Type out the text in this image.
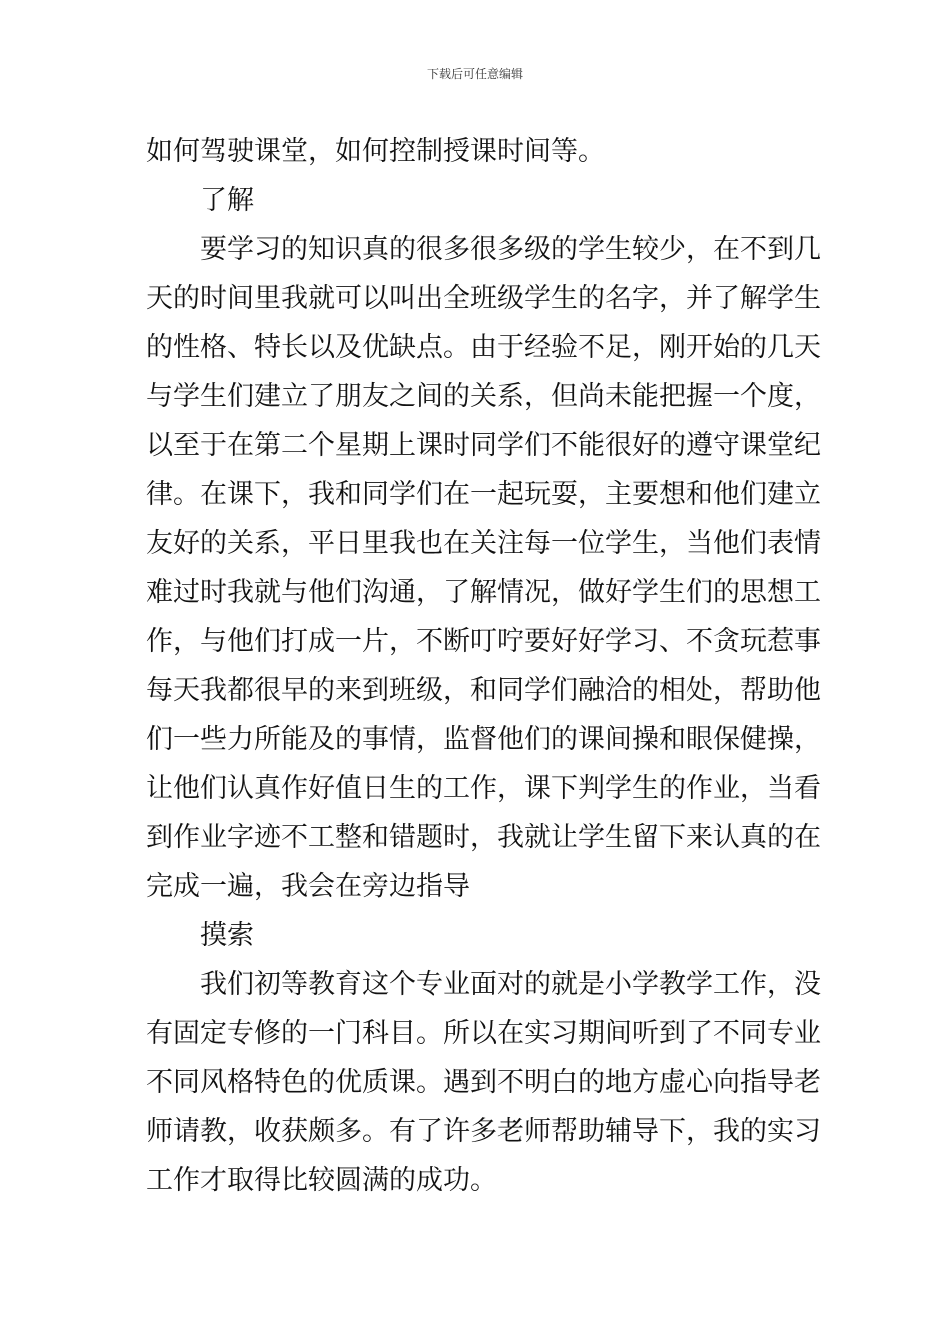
下载后可任意编辑
如何驾驶课堂，如何控制授课时间等。
了解
要学习的知识真的很多很多级的学生较少，在不到几
天的时间里我就可以叫出全班级学生的名字，并了解学生
的性格、特长以及优缺点。由于经验不足，刚开始的几天
与学生们建立了朋友之间的关系，但尚未能把握一个度，
以至于在第二个星期上课时同学们不能很好的遵守课堂纪
律。在课下，我和同学们在一起玩耍，主要想和他们建立
友好的关系，平日里我也在关注每一位学生，当他们表情
难过时我就与他们沟通，了解情况，做好学生们的思想工
作，与他们打成一片，不断叮咛要好好学习、不贪玩惹事
每天我都很早的来到班级，和同学们融洽的相处，帮助他
们一些力所能及的事情，监督他们的课间操和眼保健操，
让他们认真作好值日生的工作，课下判学生的作业，当看
到作业字迹不工整和错题时，我就让学生留下来认真的在
完成一遍，我会在旁边指导
摸索
我们初等教育这个专业面对的就是小学教学工作，没
有固定专修的一门科目。所以在实习期间听到了不同专业
不同风格特色的优质课。遇到不明白的地方虚心向指导老
师请教，收获颇多。有了许多老师帮助辅导下，我的实习
工作才取得比较圆满的成功。
